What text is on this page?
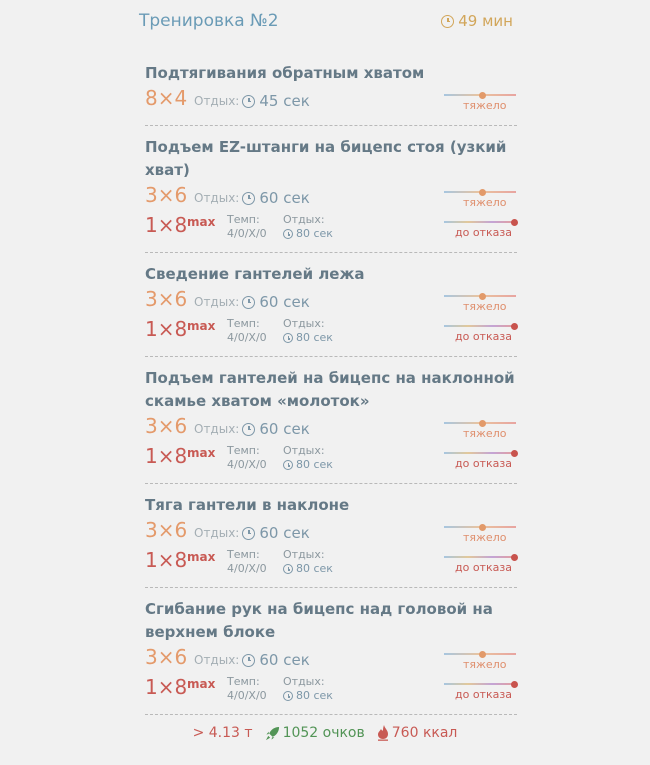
Тренировка №2	49 мин
Подтягивания обратным хватом
8×4 Отдых: 45 сек	тяжело
Подъем EZ-штанги на бицепс стоя (узкий хват)
3×6 Отдых: 60 сек	тяжело
1×8 max Темп:
4/0/X/0
Отдых:
80 сек	до отказа
Сведение гантелей лежа
3×6 Отдых: 60 сек	тяжело
1×8 max Темп:
4/0/X/0
Отдых:
80 сек	до отказа
Подъем гантелей на бицепс на наклонной
скамье хватом «молоток»
3×6 Отдых: 60 сек	тяжело
1×8 max Темп:
4/0/X/0
Отдых:
80 сек	до отказа
Тяга гантели в наклоне
3×6 Отдых: 60 сек	тяжело
1×8 max Темп:
4/0/X/0
Отдых:
80 сек	до отказа
Сгибание рук на бицепс над головой на
верхнем блоке
3×6 Отдых: 60 сек	тяжело
1×8 max Темп:
4/0/X/0
Отдых:
80 сек	до отказа
> 4.13 т 1052 очков 760 ккал
